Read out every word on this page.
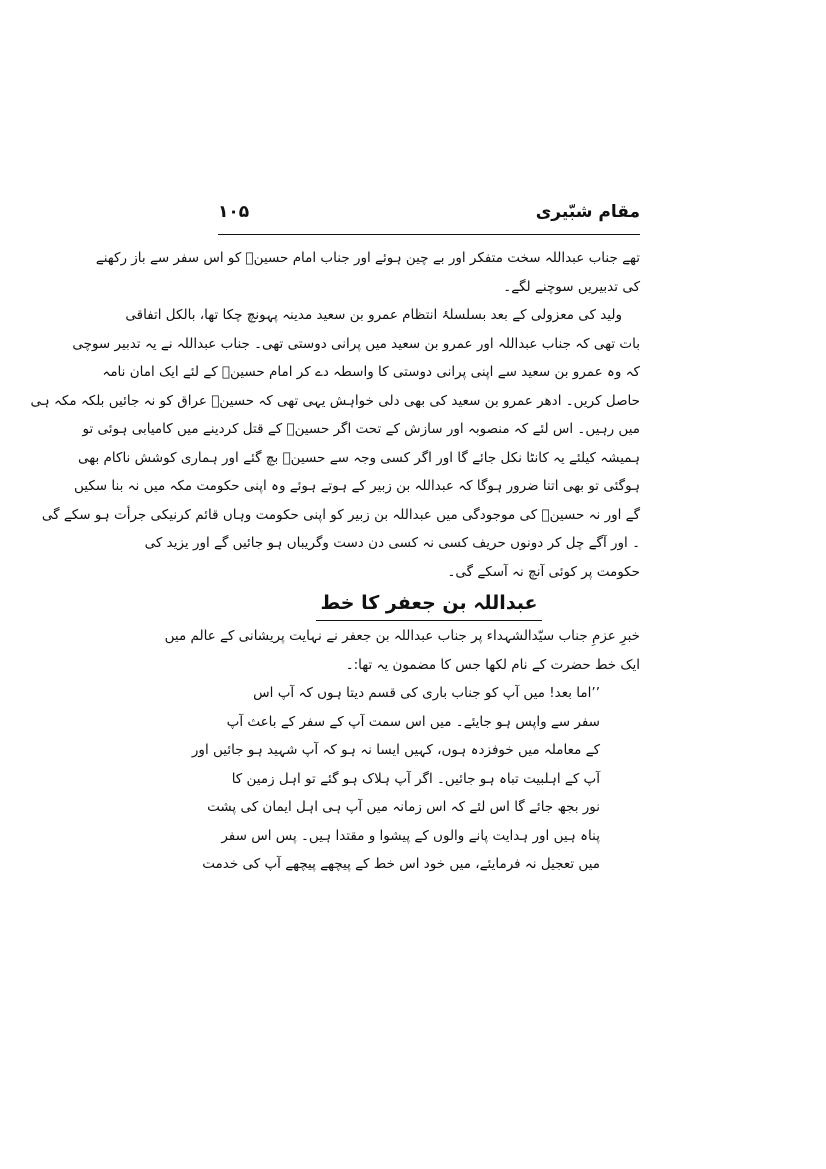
مقام شبّیری
۱۰۵
تھے جناب عبداللہ سخت متفکر اور بے چین ہوئے اور جناب امام حسینؑ کو اس سفر سے باز رکھنے
کی تدبیریں سوچنے لگے۔
ولید کی معزولی کے بعد بسلسلۂ انتظام عمرو بن سعید مدینہ پہونچ چکا تھا، بالکل اتفاقی
بات تھی کہ جناب عبداللہ اور عمرو بن سعید میں پرانی دوستی تھی۔ جناب عبداللہ نے یہ تدبیر سوچی
کہ وہ عمرو بن سعید سے اپنی پرانی دوستی کا واسطہ دے کر امام حسینؑ کے لئے ایک امان نامہ
حاصل کریں۔ ادھر عمرو بن سعید کی بھی دلی خواہش یہی تھی کہ حسینؑ عراق کو نہ جائیں بلکہ مکہ ہی
میں رہیں۔ اس لئے کہ منصوبہ اور سازش کے تحت اگر حسینؑ کے قتل کردینے میں کامیابی ہوئی تو
ہمیشہ کیلئے یہ کانٹا نکل جائے گا اور اگر کسی وجہ سے حسینؑ بچ گئے اور ہماری کوشش ناکام بھی
ہوگئی تو بھی اتنا ضرور ہوگا کہ عبداللہ بن زبیر کے ہوتے ہوئے وہ اپنی حکومت مکہ میں نہ بنا سکیں
گے اور نہ حسینؑ کی موجودگی میں عبداللہ بن زبیر کو اپنی حکومت وہاں قائم کرنیکی جرأت ہو سکے گی
۔ اور آگے چل کر دونوں حریف کسی نہ کسی دن دست وگریباں ہو جائیں گے اور یزید کی
حکومت پر کوئی آنچ نہ آسکے گی۔
عبداللہ بن جعفر کا خط
خبرِ عزمِ جناب سیّدالشہداء پر جناب عبداللہ بن جعفر نے نہایت پریشانی کے عالم میں
ایک خط حضرت کے نام لکھا جس کا مضمون یہ تھا:۔
’’اما بعد! میں آپ کو جناب باری کی قسم دیتا ہوں کہ آپ اس
سفر سے واپس ہو جایئے۔ میں اس سمت آپ کے سفر کے باعث آپ
کے معاملہ میں خوفزدہ ہوں، کہیں ایسا نہ ہو کہ آپ شہید ہو جائیں اور
آپ کے اہلبیت تباہ ہو جائیں۔ اگر آپ ہلاک ہو گئے تو اہل زمین کا
نور بجھ جائے گا اس لئے کہ اس زمانہ میں آپ ہی اہل ایمان کی پشت
پناہ ہیں اور ہدایت پانے والوں کے پیشوا و مقتدا ہیں۔ پس اس سفر
میں تعجیل نہ فرمایئے، میں خود اس خط کے پیچھے پیچھے آپ کی خدمت
